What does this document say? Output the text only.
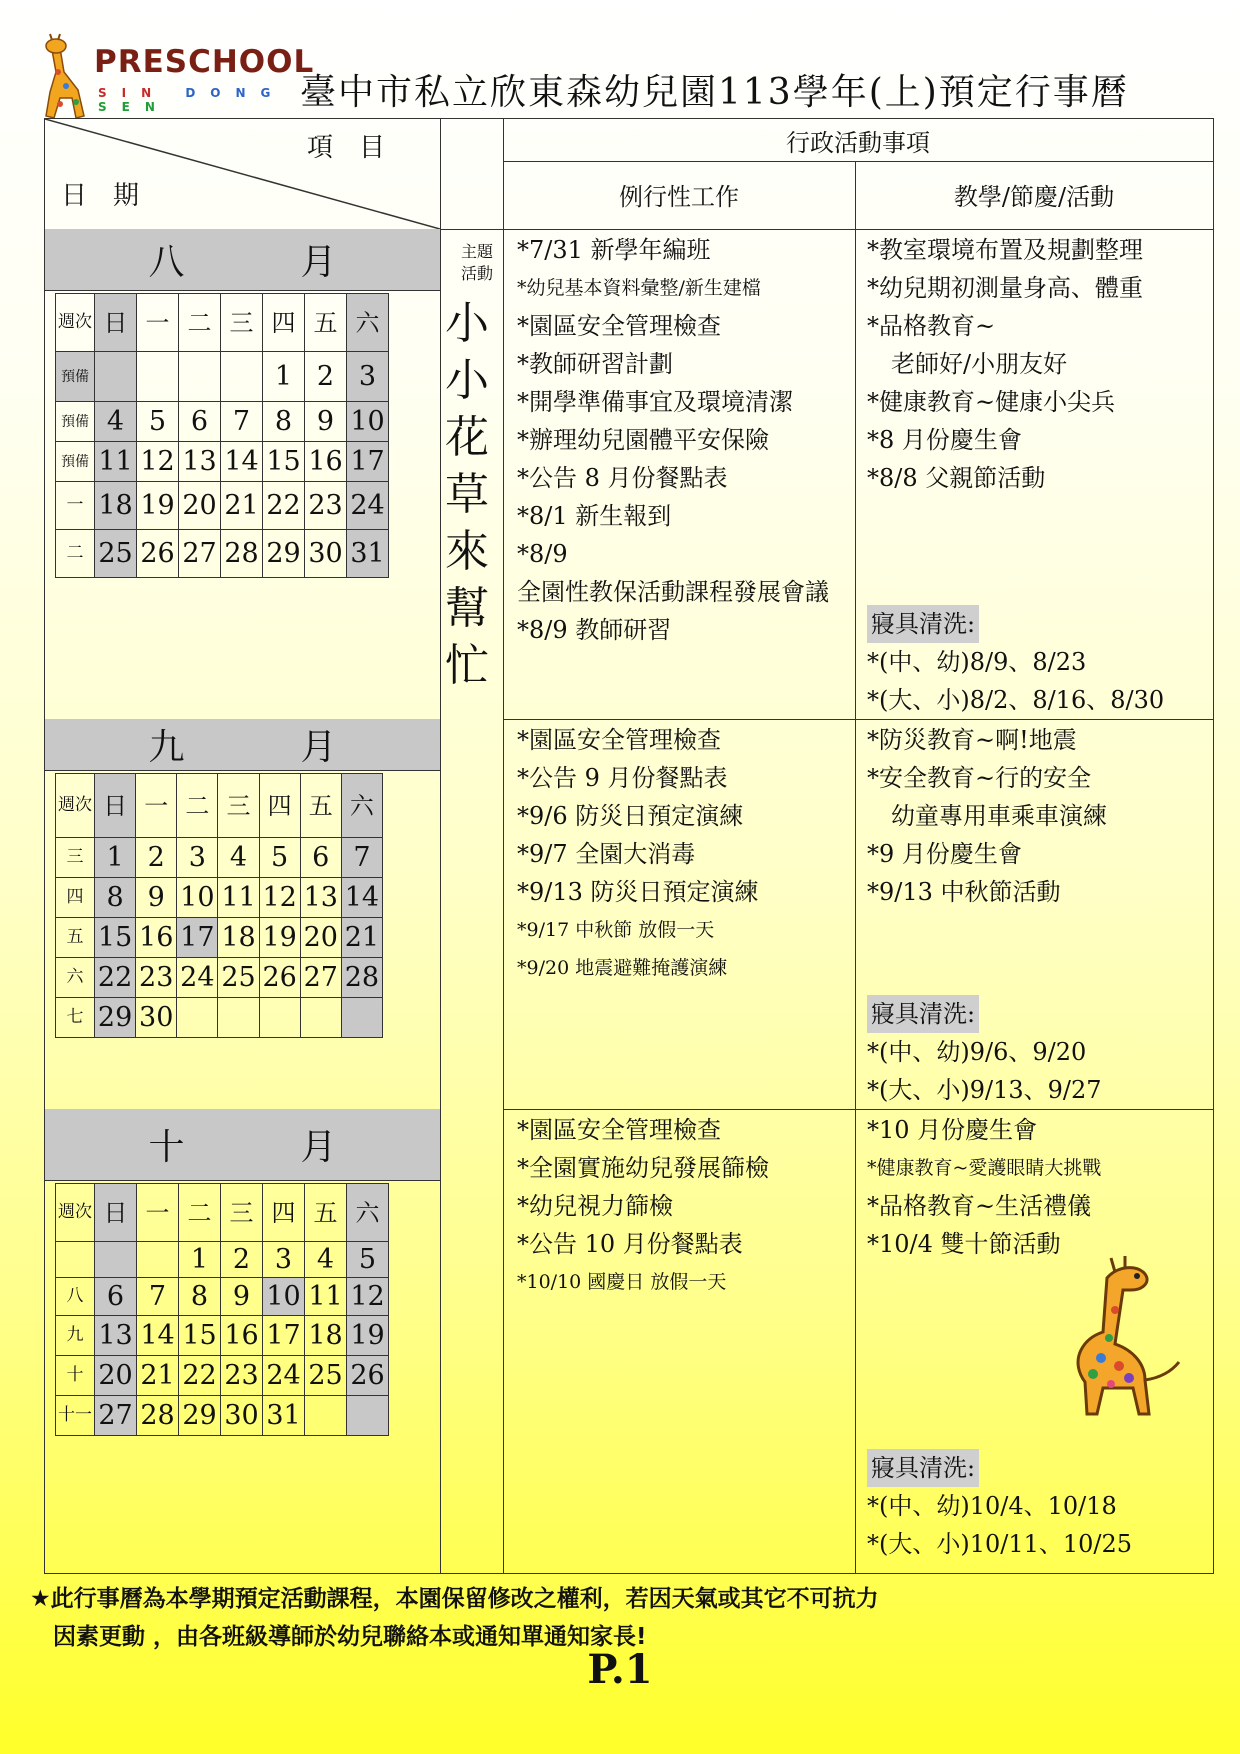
PRESCHOOL
SIN DONG SEN	臺中市私立欣東森幼兒園113學年(上)預定行事曆
項　目
日　期
主題活動
行政活動事項
例行性工作	教學/節慶/活動
小小花草來幫忙
八　月
九　月
十　月
週次	日	一	二	三	四	五	六
預備					1	2	3
預備	4	5	6	7	8	9	10
預備	11	12	13	14	15	16	17
一	18	19	20	21	22	23	24
二	25	26	27	28	29	30	31
週次	日	一	二	三	四	五	六
三	1	2	3	4	5	6	7
四	8	9	10	11	12	13	14
五	15	16	17	18	19	20	21
六	22	23	24	25	26	27	28
七	29	30					
週次	日	一	二	三	四	五	六
			1	2	3	4	5
八	6	7	8	9	10	11	12
九	13	14	15	16	17	18	19
十	20	21	22	23	24	25	26
十一	27	28	29	30	31		
*7/31 新學年編班
*幼兒基本資料彙整/新生建檔
*園區安全管理檢查
*教師研習計劃
*開學準備事宜及環境清潔
*辦理幼兒園體平安保險
*公告 8 月份餐點表
*8/1 新生報到
*8/9
全園性教保活動課程發展會議
*8/9 教師研習
*教室環境布置及規劃整理
*幼兒期初測量身高、體重
*品格教育~
　老師好/小朋友好
*健康教育~健康小尖兵
*8 月份慶生會
*8/8 父親節活動
寢具清洗:
*(中、幼)8/9、8/23
*(大、小)8/2、8/16、8/30
*園區安全管理檢查
*公告 9 月份餐點表
*9/6 防災日預定演練
*9/7 全園大消毒
*9/13 防災日預定演練
*9/17 中秋節 放假一天
*9/20 地震避難掩護演練
*防災教育~啊!地震
*安全教育~行的安全
　幼童專用車乘車演練
*9 月份慶生會
*9/13 中秋節活動
寢具清洗:
*(中、幼)9/6、9/20
*(大、小)9/13、9/27
*園區安全管理檢查
*全園實施幼兒發展篩檢
*幼兒視力篩檢
*公告 10 月份餐點表
*10/10 國慶日 放假一天
*10 月份慶生會
*健康教育~愛護眼睛大挑戰
*品格教育~生活禮儀
*10/4 雙十節活動
寢具清洗:
*(中、幼)10/4、10/18
*(大、小)10/11、10/25
★此行事曆為本學期預定活動課程，本園保留修改之權利，若因天氣或其它不可抗力
　因素更動 ，由各班級導師於幼兒聯絡本或通知單通知家長!
P.1
